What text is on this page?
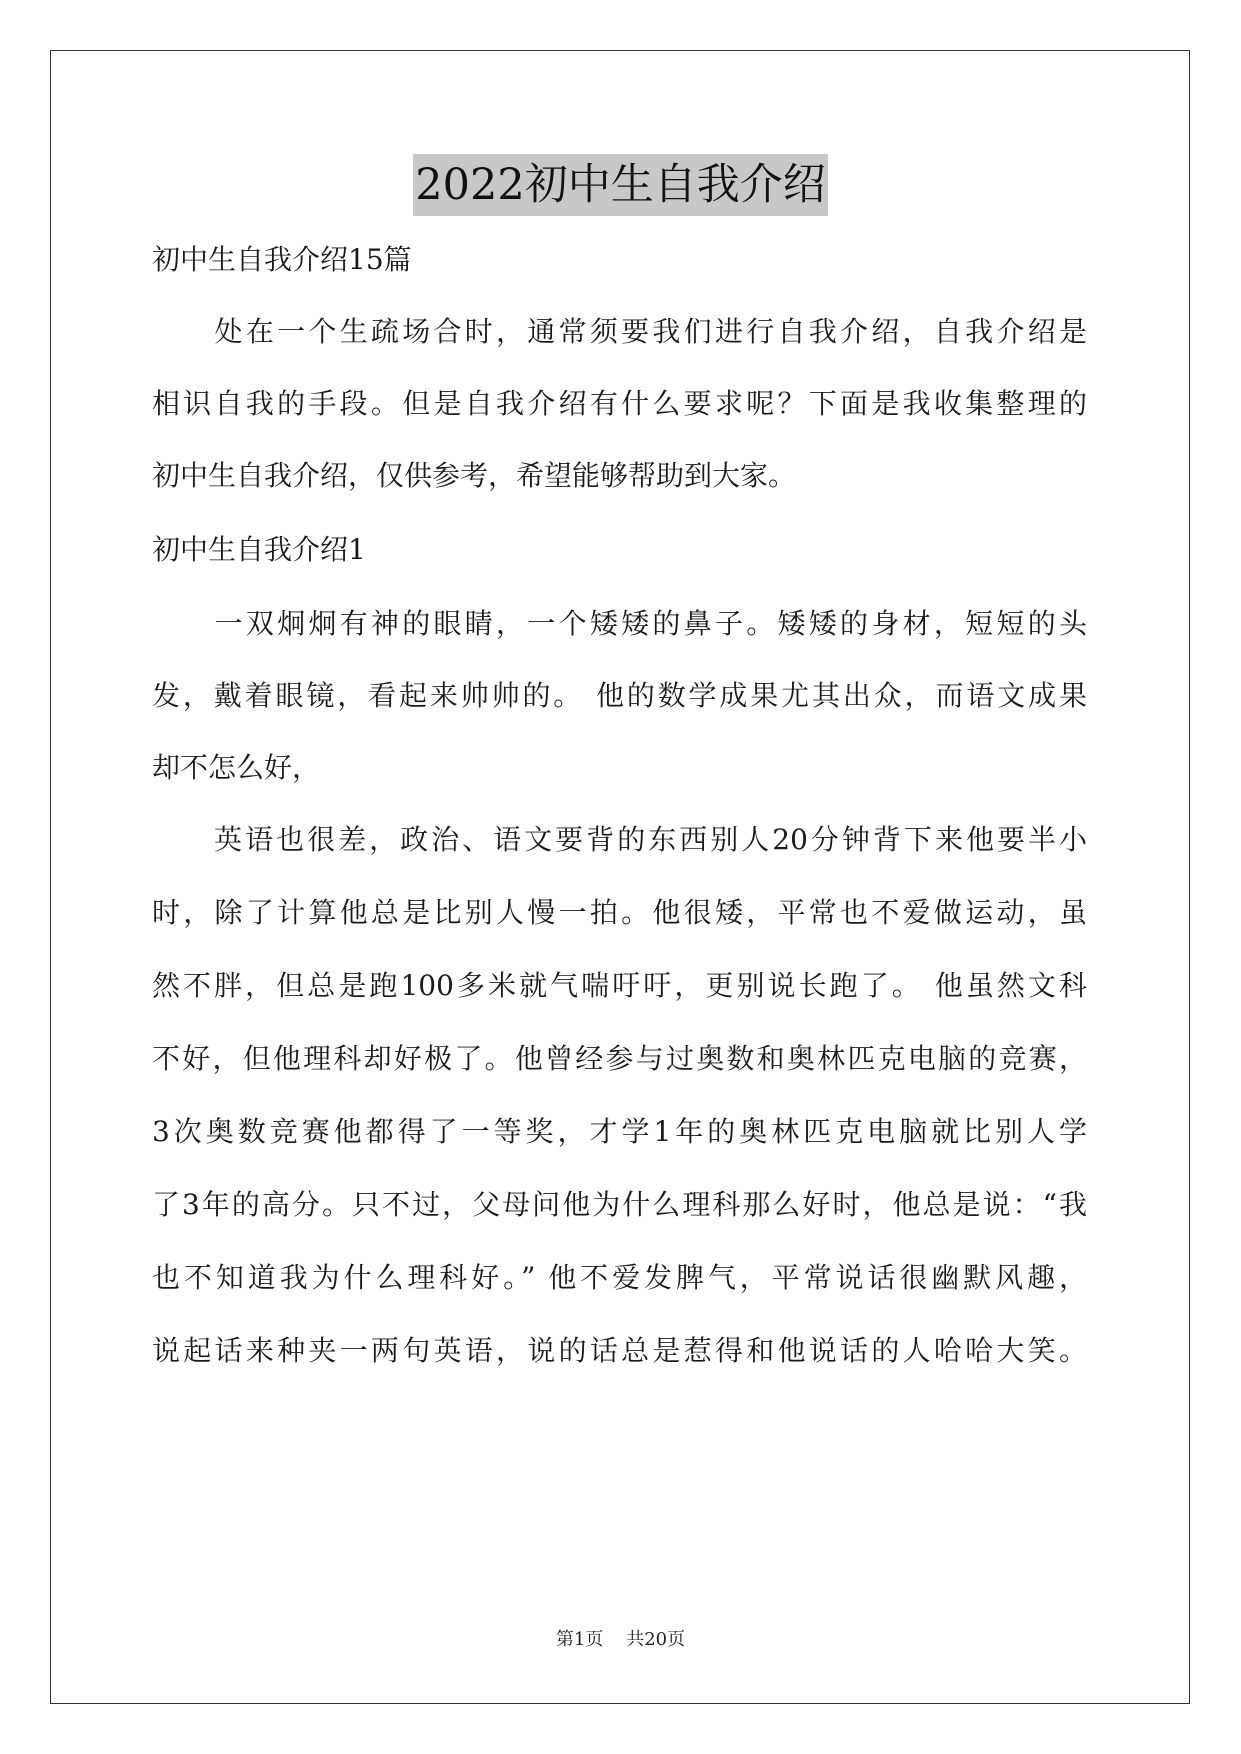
2022初中生自我介绍
初中生自我介绍15篇
　　处在一个生疏场合时，通常须要我们进行自我介绍，自我介绍是
相识自我的手段。但是自我介绍有什么要求呢？下面是我收集整理的
初中生自我介绍，仅供参考，希望能够帮助到大家。
初中生自我介绍1
　　一双炯炯有神的眼睛，一个矮矮的鼻子。矮矮的身材，短短的头
发，戴着眼镜，看起来帅帅的。 他的数学成果尤其出众，而语文成果
却不怎么好，
　　英语也很差，政治、语文要背的东西别人20分钟背下来他要半小
时，除了计算他总是比别人慢一拍。他很矮，平常也不爱做运动，虽
然不胖，但总是跑100多米就气喘吁吁，更别说长跑了。 他虽然文科
不好，但他理科却好极了。他曾经参与过奥数和奥林匹克电脑的竞赛，
3次奥数竞赛他都得了一等奖，才学1年的奥林匹克电脑就比别人学
了3年的高分。只不过，父母问他为什么理科那么好时，他总是说：“我
也不知道我为什么理科好。” 他不爱发脾气，平常说话很幽默风趣，
说起话来种夹一两句英语，说的话总是惹得和他说话的人哈哈大笑。
第1页 共20页
